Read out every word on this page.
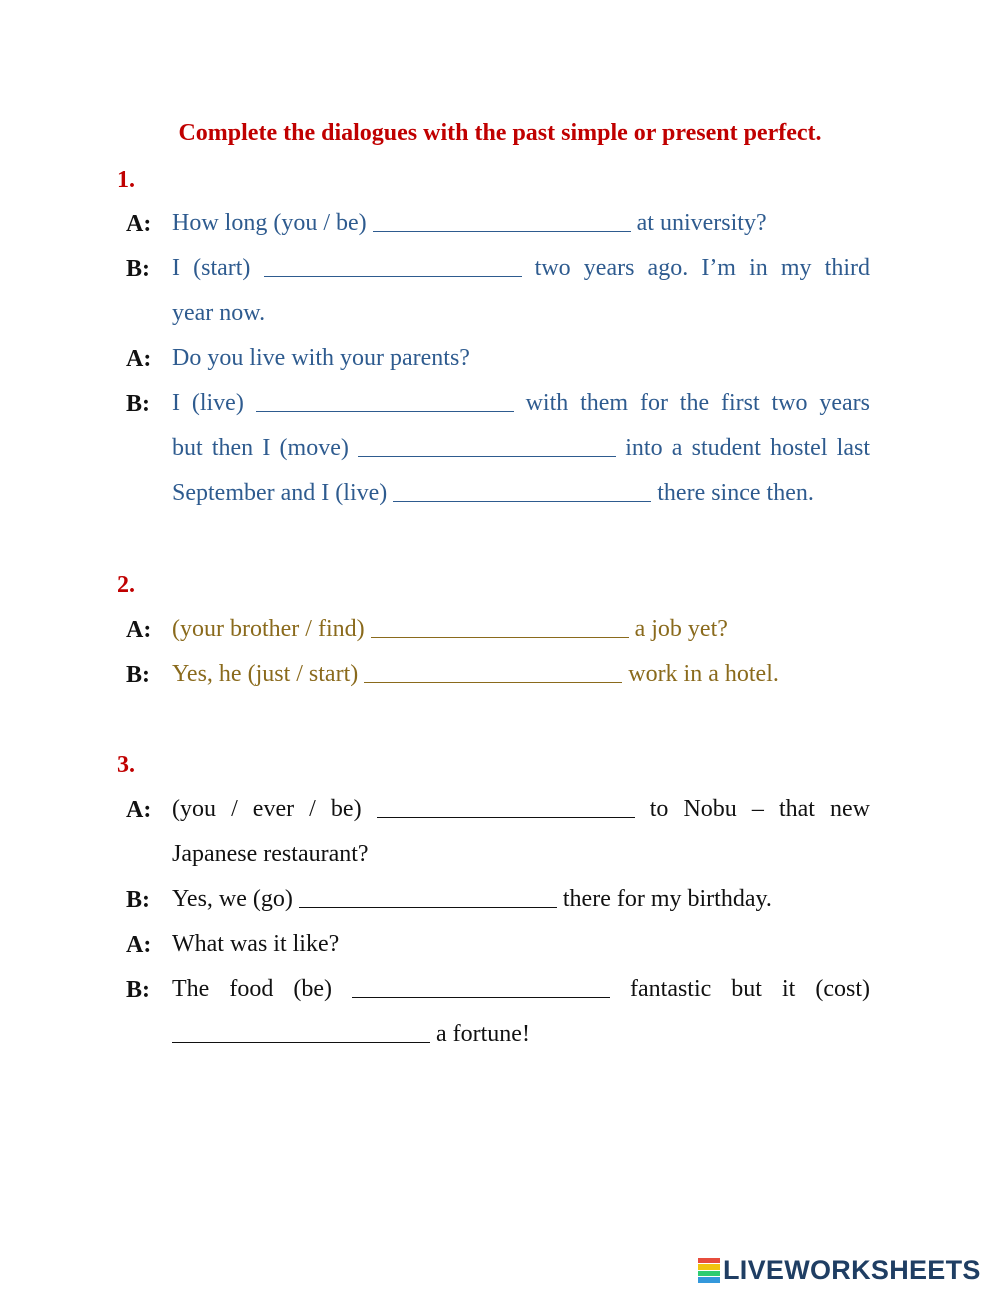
Complete the dialogues with the past simple or present perfect.
1.
A: How long (you / be)	at university?
B: I (start)	two years ago. I’m in my third
year now.
A: Do you live with your parents?
B: I (live)	with them for the first two years
but then I (move)	into a student hostel last
September and I (live)	there since then.
2.
A: (your brother / find)	a job yet?
B: Yes, he (just / start)	work in a hotel.
3.
A: (you / ever / be)	to Nobu – that new
Japanese restaurant?
B: Yes, we (go)	there for my birthday.
A: What was it like?
B: The food (be)	fantastic but it (cost)
a fortune!
LIVEWORKSHEETS
